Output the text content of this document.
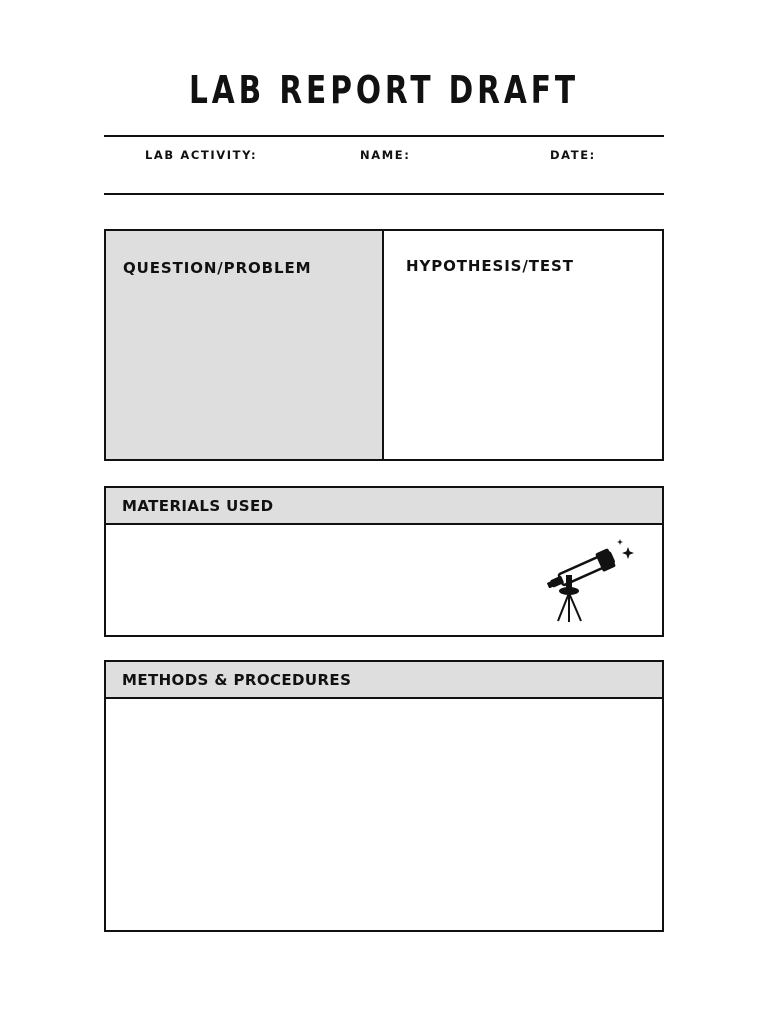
LAB REPORT DRAFT
LAB ACTIVITY:	NAME:	DATE:
QUESTION/PROBLEM	HYPOTHESIS/TEST
MATERIALS USED
METHODS & PROCEDURES
